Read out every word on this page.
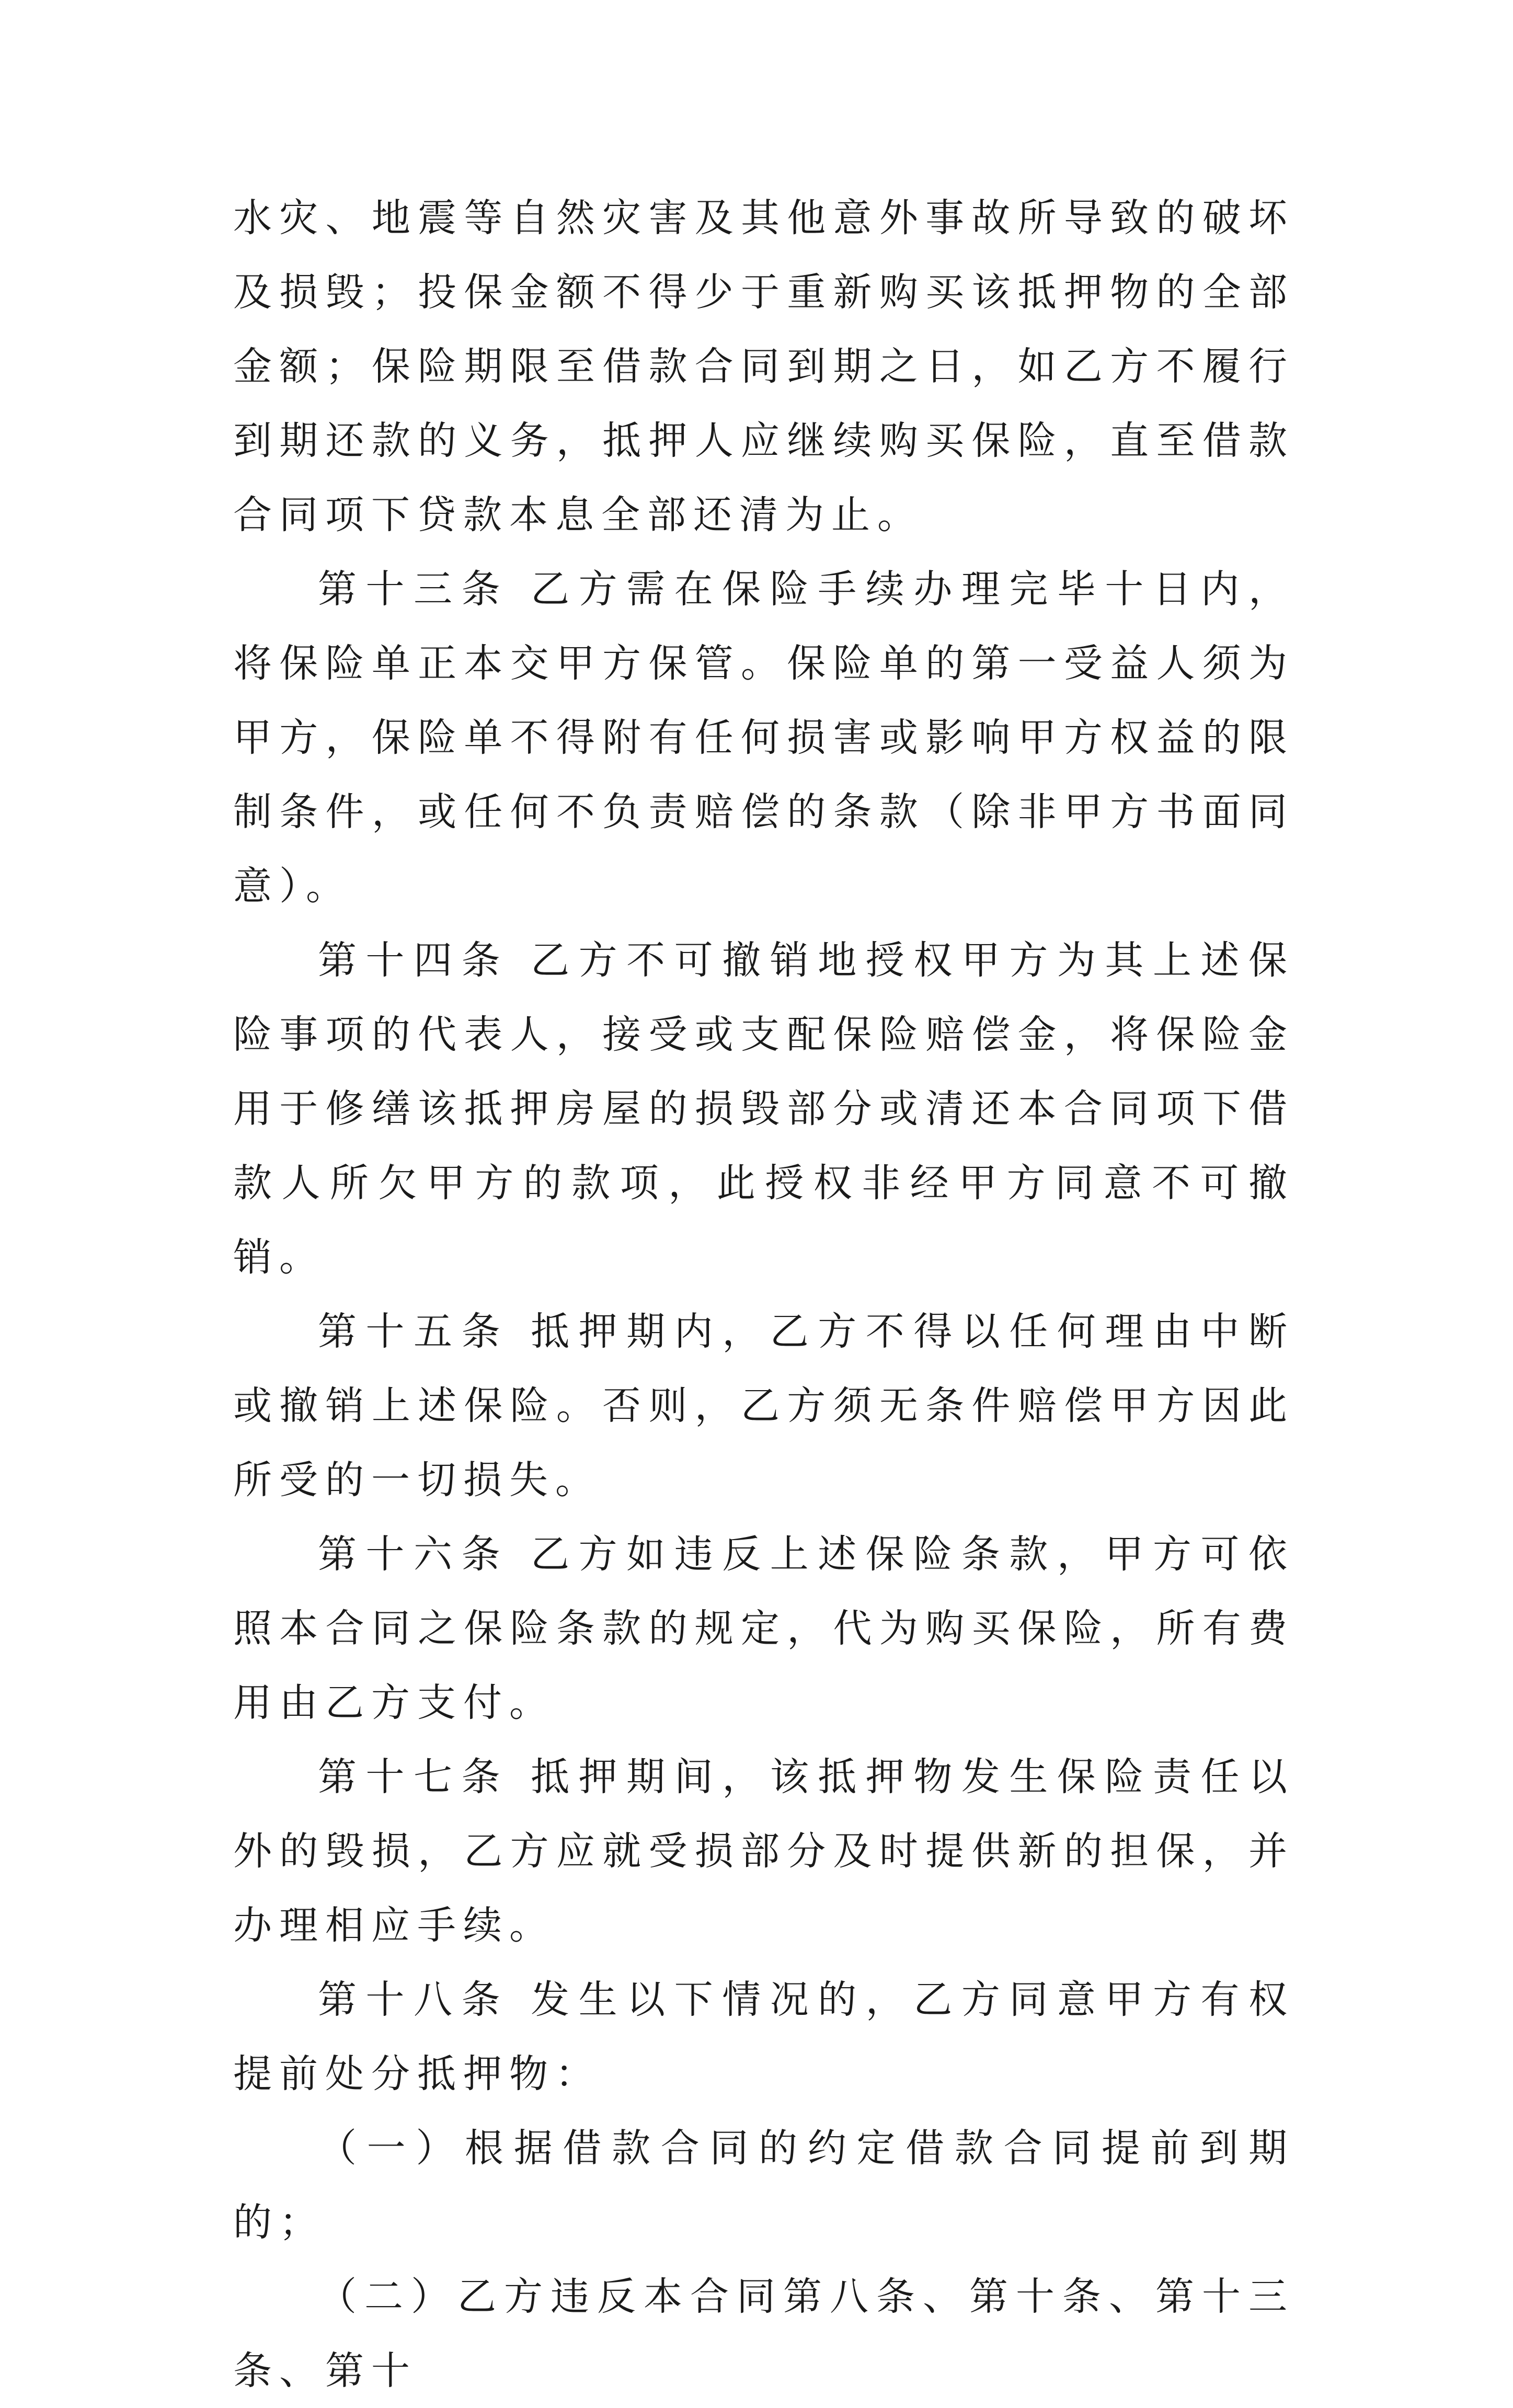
水灾、地震等自然灾害及其他意外事故所导致的破坏及损毁；投保金额不得少于重新购买该抵押物的全部金额；保险期限至借款合同到期之日，如乙方不履行到期还款的义务，抵押人应继续购买保险，直至借款合同项下贷款本息全部还清为止。

第十三条 乙方需在保险手续办理完毕十日内，将保险单正本交甲方保管。保险单的第一受益人须为甲方，保险单不得附有任何损害或影响甲方权益的限制条件，或任何不负责赔偿的条款（除非甲方书面同意）。

第十四条 乙方不可撤销地授权甲方为其上述保险事项的代表人，接受或支配保险赔偿金，将保险金用于修缮该抵押房屋的损毁部分或清还本合同项下借款人所欠甲方的款项，此授权非经甲方同意不可撤销。

第十五条 抵押期内，乙方不得以任何理由中断或撤销上述保险。否则，乙方须无条件赔偿甲方因此所受的一切损失。

第十六条 乙方如违反上述保险条款，甲方可依照本合同之保险条款的规定，代为购买保险，所有费用由乙方支付。

第十七条 抵押期间，该抵押物发生保险责任以外的毁损，乙方应就受损部分及时提供新的担保，并办理相应手续。

第十八条 发生以下情况的，乙方同意甲方有权提前处分抵押物：

（一）根据借款合同的约定借款合同提前到期的；

（二）乙方违反本合同第八条、第十条、第十三条、第十
